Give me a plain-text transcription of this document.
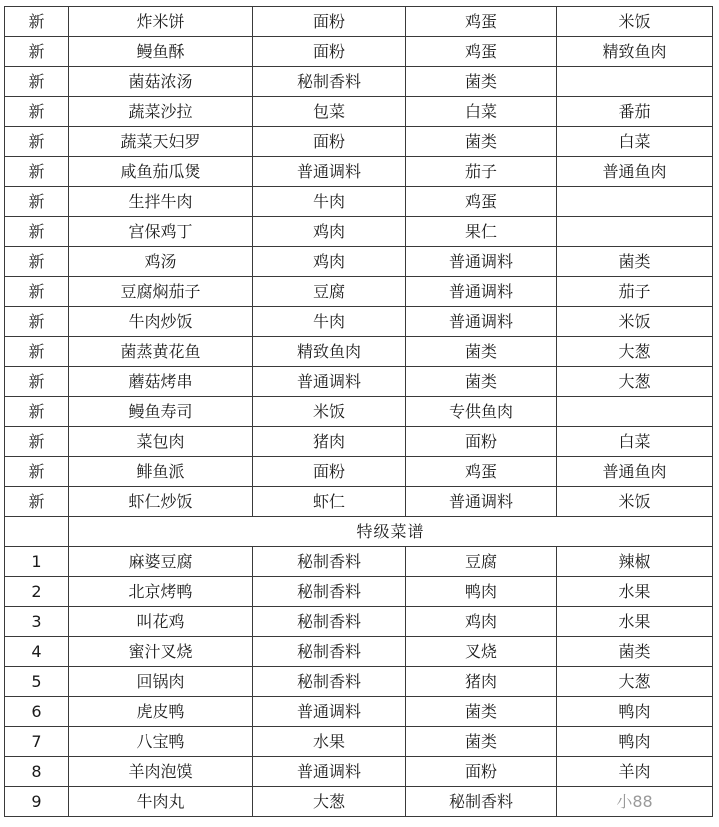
新	炸米饼	面粉	鸡蛋	米饭
新	鳗鱼酥	面粉	鸡蛋	精致鱼肉
新	菌菇浓汤	秘制香料	菌类	
新	蔬菜沙拉	包菜	白菜	番茄
新	蔬菜天妇罗	面粉	菌类	白菜
新	咸鱼茄瓜煲	普通调料	茄子	普通鱼肉
新	生拌牛肉	牛肉	鸡蛋	
新	宫保鸡丁	鸡肉	果仁	
新	鸡汤	鸡肉	普通调料	菌类
新	豆腐焖茄子	豆腐	普通调料	茄子
新	牛肉炒饭	牛肉	普通调料	米饭
新	菌蒸黄花鱼	精致鱼肉	菌类	大葱
新	蘑菇烤串	普通调料	菌类	大葱
新	鳗鱼寿司	米饭	专供鱼肉	
新	菜包肉	猪肉	面粉	白菜
新	鲱鱼派	面粉	鸡蛋	普通鱼肉
新	虾仁炒饭	虾仁	普通调料	米饭
	特级菜谱			
1	麻婆豆腐	秘制香料	豆腐	辣椒
2	北京烤鸭	秘制香料	鸭肉	水果
3	叫花鸡	秘制香料	鸡肉	水果
4	蜜汁叉烧	秘制香料	叉烧	菌类
5	回锅肉	秘制香料	猪肉	大葱
6	虎皮鸭	普通调料	菌类	鸭肉
7	八宝鸭	水果	菌类	鸭肉
8	羊肉泡馍	普通调料	面粉	羊肉
9	牛肉丸	大葱	秘制香料	小88
